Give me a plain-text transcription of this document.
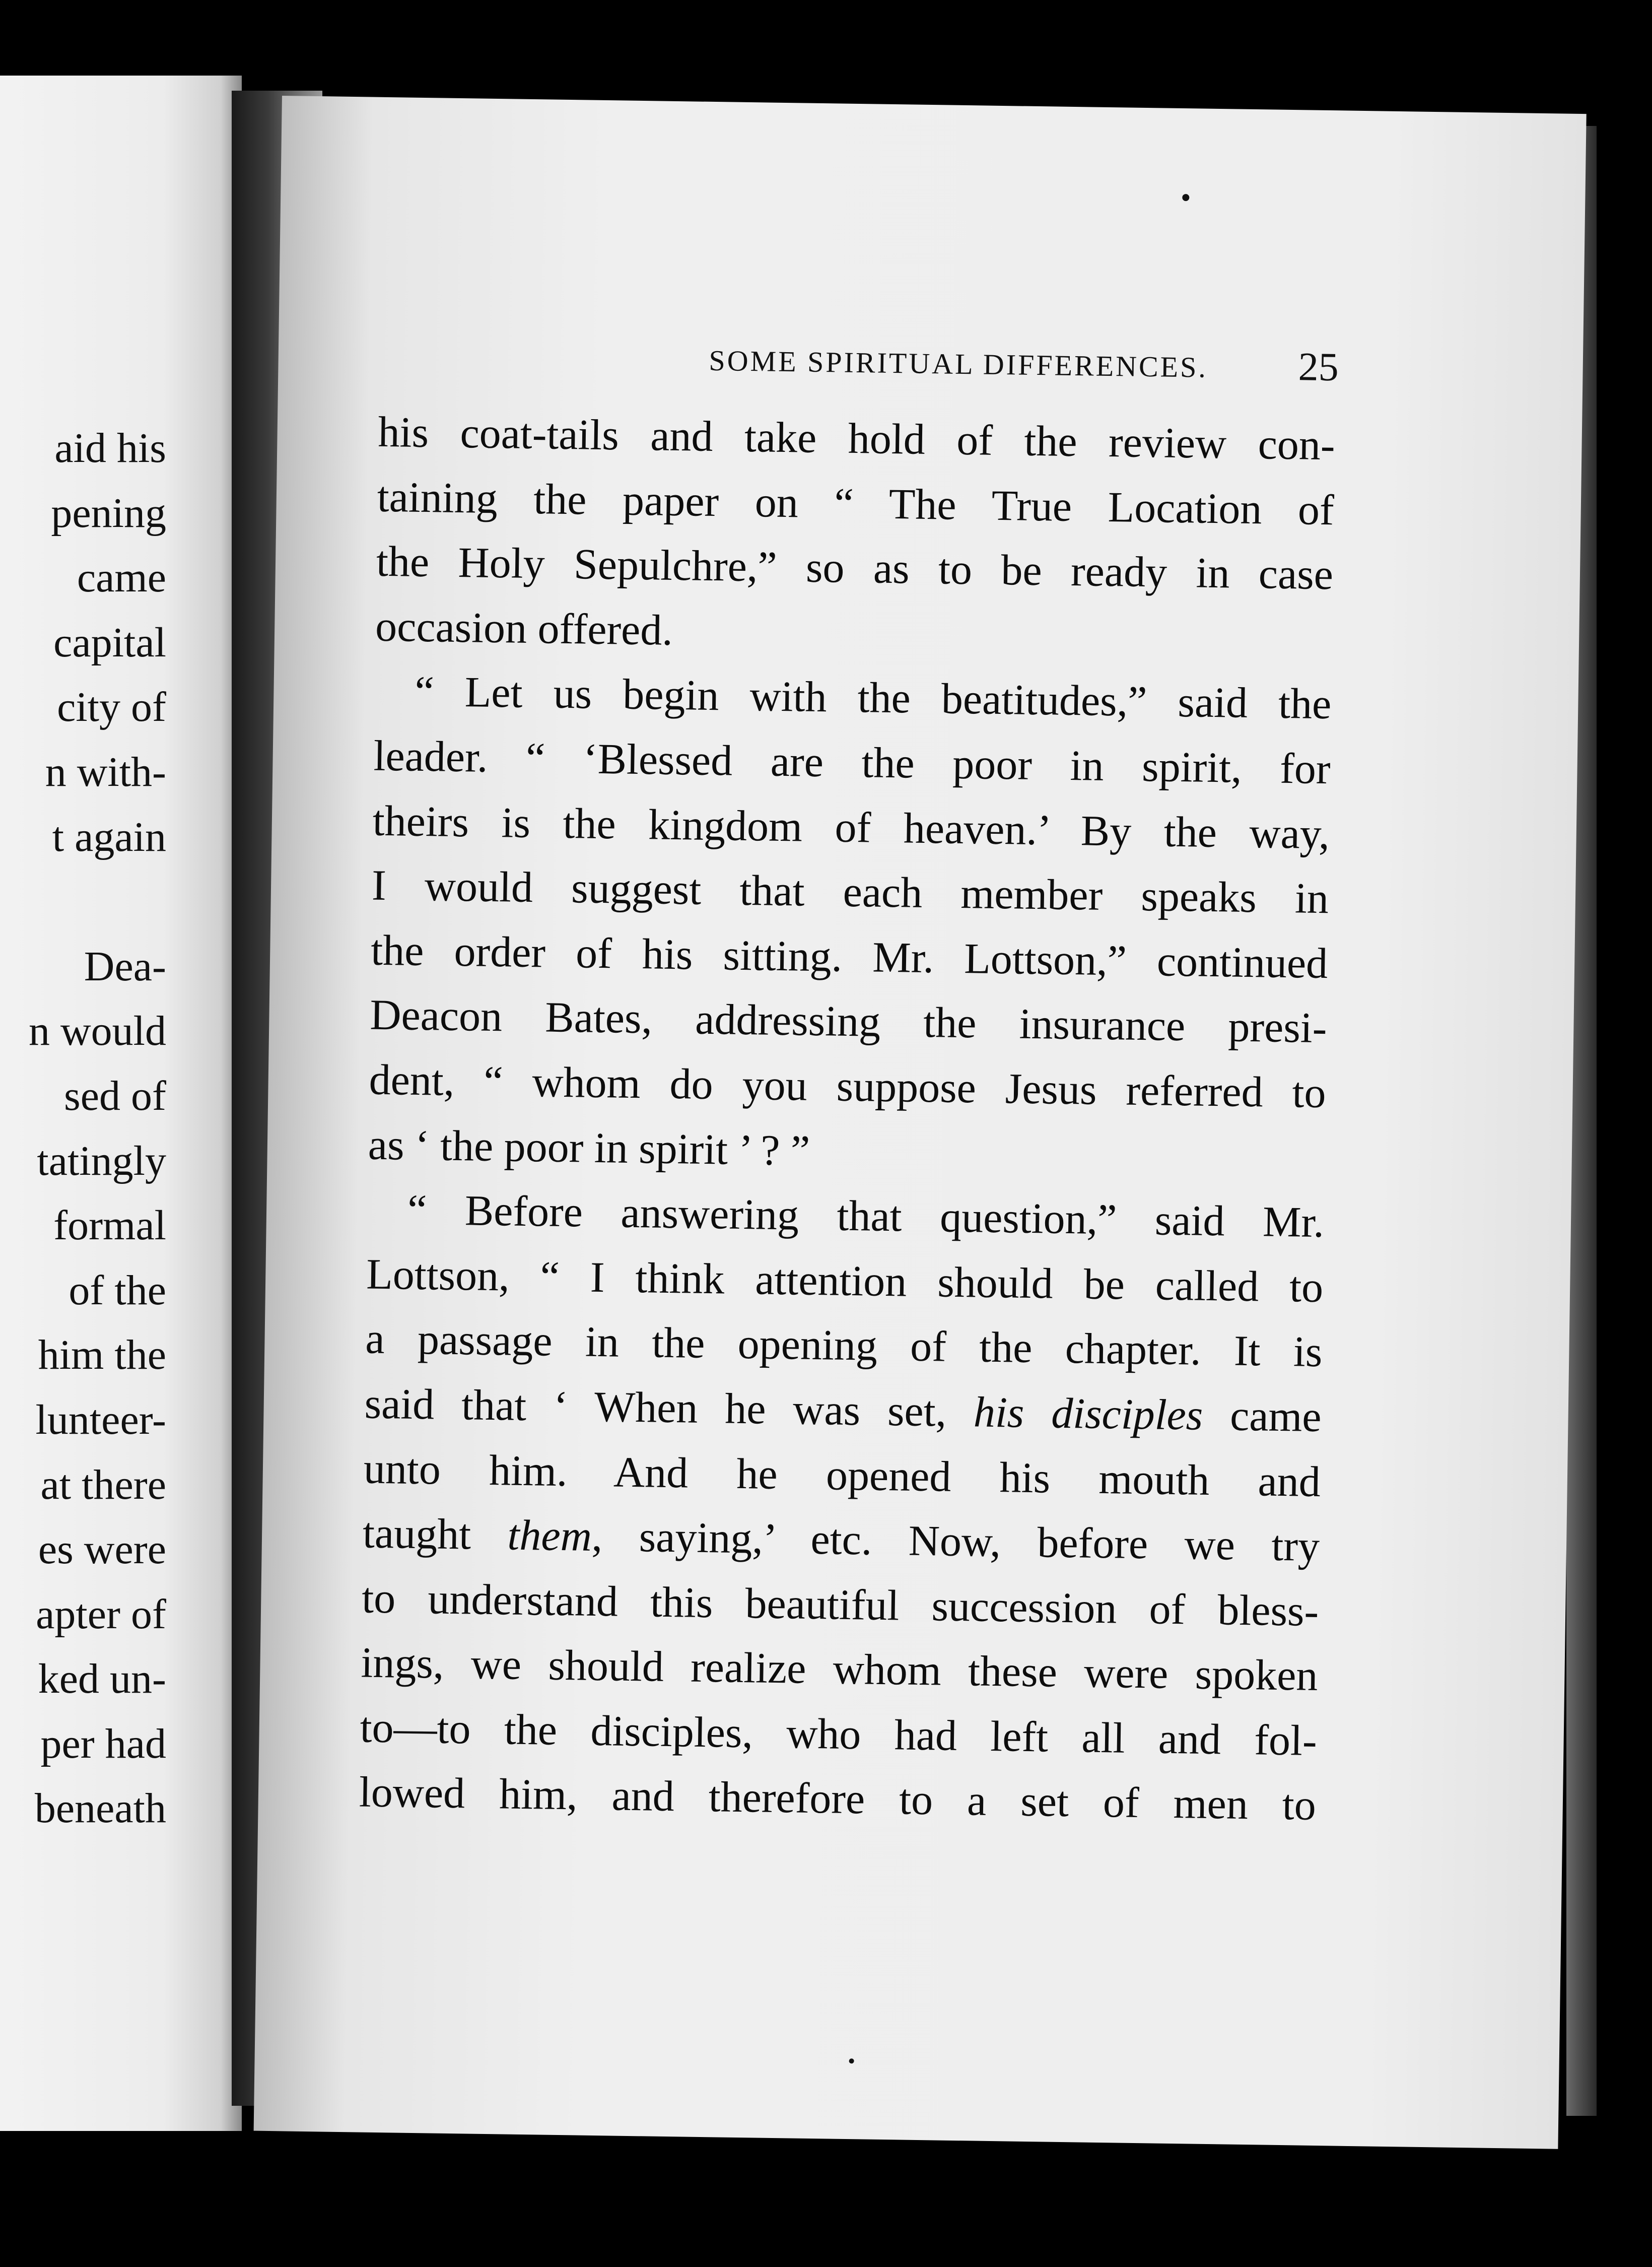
aid his
pening
came
capital
city of
n with-
t again
Dea-
n would
sed of
tatingly
formal
of the
him the
lunteer-
at there
es were
apter of
ked un-
per had
beneath
SOME SPIRITUAL DIFFERENCES.	25
his coat-tails and take hold of the review con-
taining the paper on “ The True Location of
the Holy Sepulchre,” so as to be ready in case
occasion offered.
“ Let us begin with the beatitudes,” said the
leader. “ ‘Blessed are the poor in spirit, for
theirs is the kingdom of heaven.’ By the way,
I would suggest that each member speaks in
the order of his sitting. Mr. Lottson,” continued
Deacon Bates, addressing the insurance presi-
dent, “ whom do you suppose Jesus referred to
as ‘ the poor in spirit ’ ? ”
“ Before answering that question,” said Mr.
Lottson, “ I think attention should be called to
a passage in the opening of the chapter. It is
said that ‘ When he was set, his disciples came
unto him. And he opened his mouth and
taught them, saying,’ etc. Now, before we try
to understand this beautiful succession of bless-
ings, we should realize whom these were spoken
to—to the disciples, who had left all and fol-
lowed him, and therefore to a set of men to
